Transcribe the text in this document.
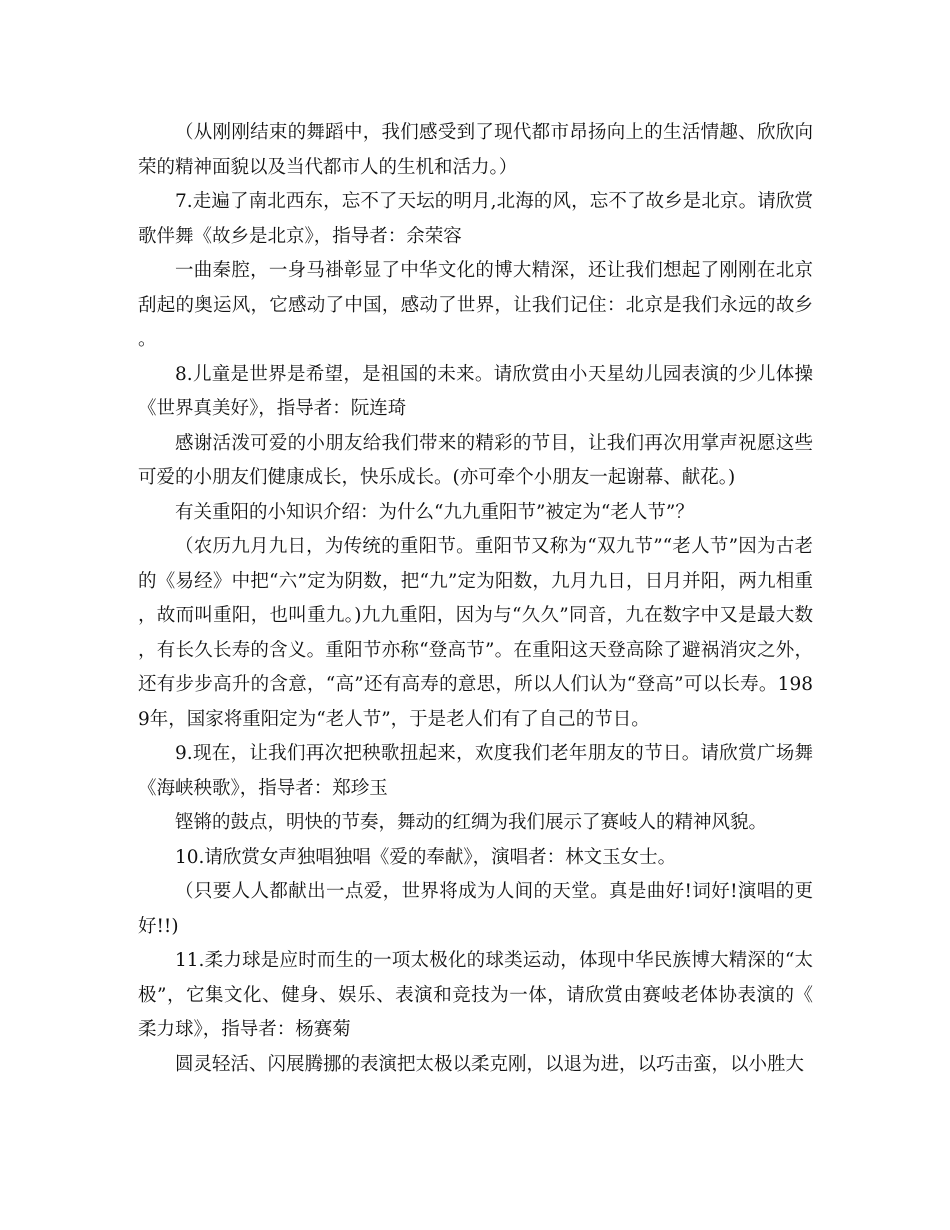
（从刚刚结束的舞蹈中，我们感受到了现代都市昂扬向上的生活情趣、欣欣向荣的精神面貌以及当代都市人的生机和活力。）

7.走遍了南北西东，忘不了天坛的明月,北海的风，忘不了故乡是北京。请欣赏歌伴舞《故乡是北京》，指导者：余荣容

一曲秦腔，一身马褂彰显了中华文化的博大精深，还让我们想起了刚刚在北京刮起的奥运风，它感动了中国，感动了世界，让我们记住：北京是我们永远的故乡。

8.儿童是世界是希望，是祖国的未来。请欣赏由小天星幼儿园表演的少儿体操《世界真美好》，指导者：阮连琦

感谢活泼可爱的小朋友给我们带来的精彩的节目，让我们再次用掌声祝愿这些可爱的小朋友们健康成长，快乐成长。(亦可牵个小朋友一起谢幕、献花。)

有关重阳的小知识介绍：为什么“九九重阳节”被定为“老人节”？

（农历九月九日，为传统的重阳节。重阳节又称为“双九节”“老人节”因为古老的《易经》中把“六”定为阴数，把“九”定为阳数，九月九日，日月并阳，两九相重，故而叫重阳，也叫重九。)九九重阳，因为与“久久”同音，九在数字中又是最大数，有长久长寿的含义。重阳节亦称“登高节”。在重阳这天登高除了避祸消灾之外，还有步步高升的含意，“高”还有高寿的意思，所以人们认为“登高”可以长寿。1989年，国家将重阳定为“老人节”，于是老人们有了自己的节日。

9.现在，让我们再次把秧歌扭起来，欢度我们老年朋友的节日。请欣赏广场舞《海峡秧歌》，指导者：郑珍玉

铿锵的鼓点，明快的节奏，舞动的红绸为我们展示了赛岐人的精神风貌。

10.请欣赏女声独唱独唱《爱的奉献》，演唱者：林文玉女士。

（只要人人都献出一点爱，世界将成为人间的天堂。真是曲好!词好!演唱的更好!!)

11.柔力球是应时而生的一项太极化的球类运动，体现中华民族博大精深的“太极”，它集文化、健身、娱乐、表演和竞技为一体，请欣赏由赛岐老体协表演的《柔力球》，指导者：杨赛菊

圆灵轻活、闪展腾挪的表演把太极以柔克刚，以退为进，以巧击蛮，以小胜大
